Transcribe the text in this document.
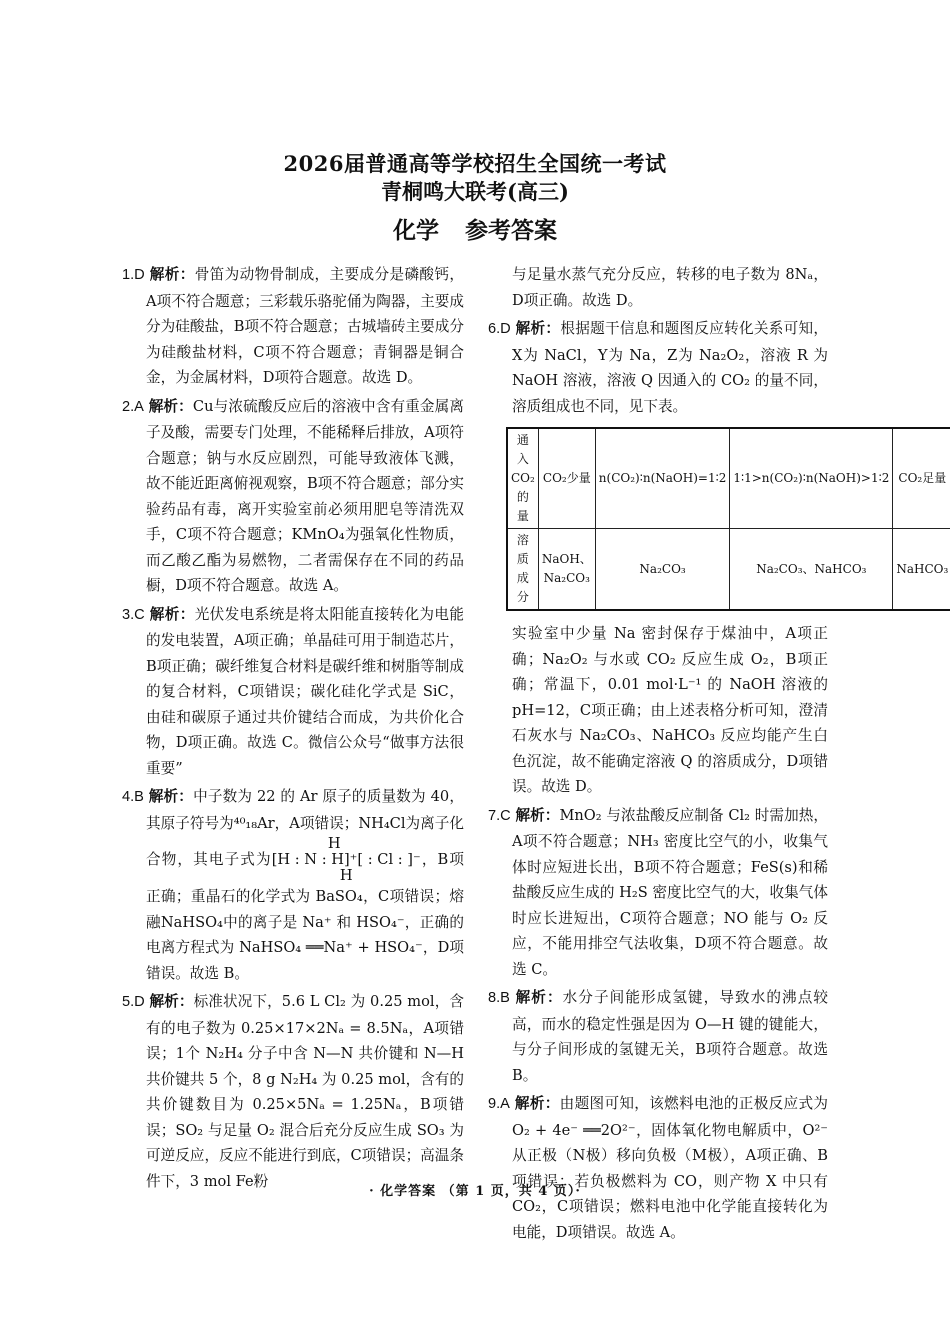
2026届普通高等学校招生全国统一考试
青桐鸣大联考(高三)
化学 参考答案

1.D 解析：骨笛为动物骨制成，主要成分是磷酸钙，A项不符合题意；三彩载乐骆驼俑为陶器，主要成分为硅酸盐，B项不符合题意；古城墙砖主要成分为硅酸盐材料，C项不符合题意；青铜器是铜合金，为金属材料，D项符合题意。故选 D。

2.A 解析：Cu与浓硫酸反应后的溶液中含有重金属离子及酸，需要专门处理，不能稀释后排放，A项符合题意；钠与水反应剧烈，可能导致液体飞溅，故不能近距离俯视观察，B项不符合题意；部分实验药品有毒，离开实验室前必须用肥皂等清洗双手，C项不符合题意；KMnO₄为强氧化性物质，而乙酸乙酯为易燃物，二者需保存在不同的药品橱，D项不符合题意。故选 A。

3.C 解析：光伏发电系统是将太阳能直接转化为电能的发电装置，A项正确；单晶硅可用于制造芯片，B项正确；碳纤维复合材料是碳纤维和树脂等制成的复合材料，C项错误；碳化硅化学式是 SiC，由硅和碳原子通过共价键结合而成，为共价化合物，D项正确。故选 C。微信公众号“做事方法很重要”

4.B 解析：中子数为 22 的 Ar 原子的质量数为 40，其原子符号为⁴⁰₁₈Ar，A项错误；NH₄Cl为离子化合物，其电子式为H
[H : N : H]⁺[ : Cl : ]⁻
H，B项正确；重晶石的化学式为 BaSO₄，C项错误；熔融NaHSO₄中的离子是 Na⁺ 和 HSO₄⁻，正确的电离方程式为 NaHSO₄ ══Na⁺ + HSO₄⁻，D项错误。故选 B。

5.D 解析：标准状况下，5.6 L Cl₂ 为 0.25 mol，含有的电子数为 0.25×17×2Nₐ = 8.5Nₐ，A项错误；1个 N₂H₄ 分子中含 N—N 共价键和 N—H 共价键共 5 个，8 g N₂H₄ 为 0.25 mol，含有的共价键数目为 0.25×5Nₐ = 1.25Nₐ，B项错误；SO₂ 与足量 O₂ 混合后充分反应生成 SO₃ 为可逆反应，反应不能进行到底，C项错误；高温条件下，3 mol Fe粉

与足量水蒸气充分反应，转移的电子数为 8Nₐ，D项正确。故选 D。

6.D 解析：根据题干信息和题图反应转化关系可知，X为 NaCl，Y为 Na，Z为 Na₂O₂，溶液 R 为 NaOH 溶液，溶液 Q 因通入的 CO₂ 的量不同，溶质组成也不同，见下表。

通入CO₂的量	CO₂少量	n(CO₂)∶n(NaOH)=1∶2	1∶1>n(CO₂)∶n(NaOH)>1∶2	CO₂足量
溶质成分	NaOH、Na₂CO₃	Na₂CO₃	Na₂CO₃、NaHCO₃	NaHCO₃

实验室中少量 Na 密封保存于煤油中，A项正确；Na₂O₂ 与水或 CO₂ 反应生成 O₂，B项正确；常温下，0.01 mol·L⁻¹ 的 NaOH 溶液的 pH=12，C项正确；由上述表格分析可知，澄清石灰水与 Na₂CO₃、NaHCO₃ 反应均能产生白色沉淀，故不能确定溶液 Q 的溶质成分，D项错误。故选 D。

7.C 解析：MnO₂ 与浓盐酸反应制备 Cl₂ 时需加热，A项不符合题意；NH₃ 密度比空气的小，收集气体时应短进长出，B项不符合题意；FeS(s)和稀盐酸反应生成的 H₂S 密度比空气的大，收集气体时应长进短出，C项符合题意；NO 能与 O₂ 反应，不能用排空气法收集，D项不符合题意。故选 C。

8.B 解析：水分子间能形成氢键，导致水的沸点较高，而水的稳定性强是因为 O—H 键的键能大，与分子间形成的氢键无关，B项符合题意。故选 B。

9.A 解析：由题图可知，该燃料电池的正极反应式为 O₂ + 4e⁻ ══2O²⁻，固体氧化物电解质中，O²⁻ 从正极（N极）移向负极（M极），A项正确、B项错误；若负极燃料为 CO，则产物 X 中只有 CO₂，C项错误；燃料电池中化学能直接转化为电能，D项错误。故选 A。

· 化学答案 （第 1 页，共 4 页）·
